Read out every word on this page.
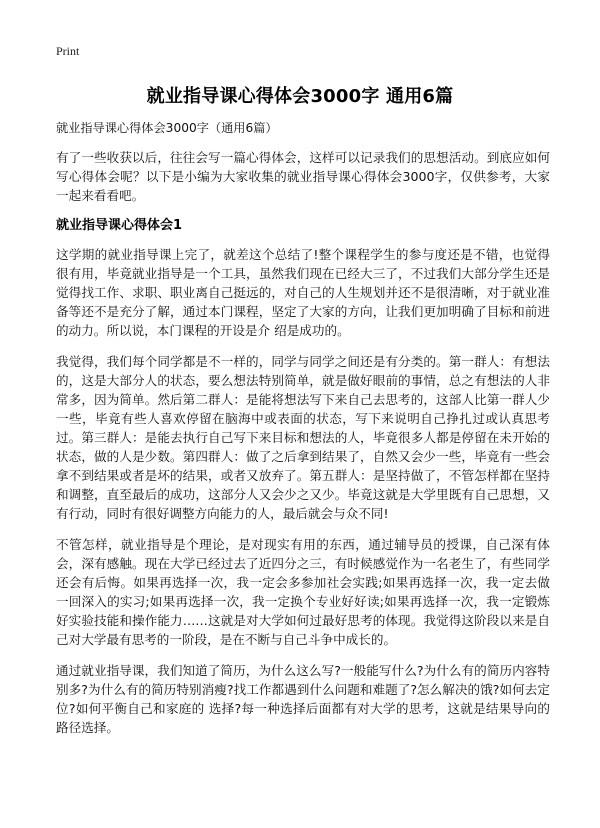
Print
就业指导课心得体会3000字 通用6篇
就业指导课心得体会3000字（通用6篇）

有了一些收获以后，往往会写一篇心得体会，这样可以记录我们的思想活动。到底应如何写心得体会呢？以下是小编为大家收集的就业指导课心得体会3000字，仅供参考，大家一起来看看吧。

就业指导课心得体会1

这学期的就业指导课上完了，就差这个总结了!整个课程学生的参与度还是不错，也觉得很有用，毕竟就业指导是一个工具，虽然我们现在已经大三了，不过我们大部分学生还是觉得找工作、求职、职业离自己挺远的，对自己的人生规划并还不是很清晰，对于就业准备等还不是充分了解，通过本门课程，坚定了大家的方向，让我们更加明确了目标和前进的动力。所以说，本门课程的开设是介 绍是成功的。

我觉得，我们每个同学都是不一样的，同学与同学之间还是有分类的。第一群人：有想法的，这是大部分人的状态，要么想法特别简单，就是做好眼前的事情，总之有想法的人非常多，因为简单。然后第二群人：是能将想法写下来自己去思考的，这部人比第一群人少一些，毕竟有些人喜欢停留在脑海中或表面的状态，写下来说明自己挣扎过或认真思考过。第三群人：是能去执行自己写下来目标和想法的人，毕竟很多人都是停留在未开始的状态，做的人是少数。第四群人：做了之后拿到结果了，自然又会少一些，毕竟有一些会拿不到结果或者是坏的结果，或者又放弃了。第五群人：是坚持做了，不管怎样都在坚持和调整，直至最后的成功，这部分人又会少之又少。毕竟这就是大学里既有自己思想，又有行动，同时有很好调整方向能力的人，最后就会与众不同!

不管怎样，就业指导是个理论，是对现实有用的东西，通过辅导员的授课，自己深有体会，深有感触。现在大学已经过去了近四分之三，有时候感觉作为一名老生了，有些同学还会有后悔。如果再选择一次，我一定会多参加社会实践;如果再选择一次，我一定去做一回深入的实习;如果再选择一次，我一定换个专业好好读;如果再选择一次，我一定锻炼好实验技能和操作能力……这就是对大学如何过最好思考的体现。我觉得这阶段以来是自己对大学最有思考的一阶段，是在不断与自己斗争中成长的。

通过就业指导课，我们知道了简历，为什么这么写?一般能写什么?为什么有的简历内容特别多?为什么有的简历特别消瘦?找工作都遇到什么问题和难题了?怎么解决的饿?如何去定位?如何平衡自己和家庭的 选择?每一种选择后面都有对大学的思考，这就是结果导向的路径选择。
